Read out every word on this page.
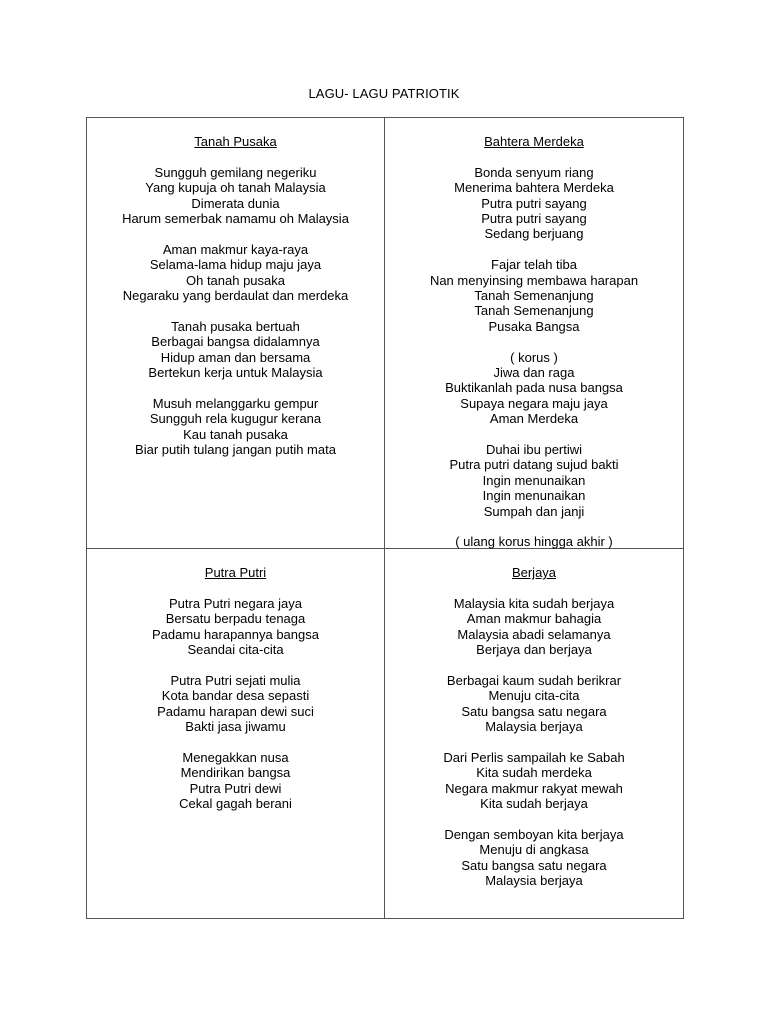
LAGU- LAGU PATRIOTIK
Tanah Pusaka
Sungguh gemilang negeriku
Yang kupuja oh tanah Malaysia
Dimerata dunia
Harum semerbak namamu oh Malaysia
Aman makmur kaya-raya
Selama-lama hidup maju jaya
Oh tanah pusaka
Negaraku yang berdaulat dan merdeka
Tanah pusaka bertuah
Berbagai bangsa didalamnya
Hidup aman dan bersama
Bertekun kerja untuk Malaysia
Musuh melanggarku gempur
Sungguh rela kugugur kerana
Kau tanah pusaka
Biar putih tulang jangan putih mata
Bahtera Merdeka
Bonda senyum riang
Menerima bahtera Merdeka
Putra putri sayang
Putra putri sayang
Sedang berjuang
Fajar telah tiba
Nan menyinsing membawa harapan
Tanah Semenanjung
Tanah Semenanjung
Pusaka Bangsa
( korus )
Jiwa dan raga
Buktikanlah pada nusa bangsa
Supaya negara maju jaya
Aman Merdeka
Duhai ibu pertiwi
Putra putri datang sujud bakti
Ingin menunaikan
Ingin menunaikan
Sumpah dan janji
( ulang korus hingga akhir )
Putra Putri
Putra Putri negara jaya
Bersatu berpadu tenaga
Padamu harapannya bangsa
Seandai cita-cita
Putra Putri sejati mulia
Kota bandar desa sepasti
Padamu harapan dewi suci
Bakti jasa jiwamu
Menegakkan nusa
Mendirikan bangsa
Putra Putri dewi
Cekal gagah berani
Berjaya
Malaysia kita sudah berjaya
Aman makmur bahagia
Malaysia abadi selamanya
Berjaya dan berjaya
Berbagai kaum sudah berikrar
Menuju cita-cita
Satu bangsa satu negara
Malaysia berjaya
Dari Perlis sampailah ke Sabah
Kita sudah merdeka
Negara makmur rakyat mewah
Kita sudah berjaya
Dengan semboyan kita berjaya
Menuju di angkasa
Satu bangsa satu negara
Malaysia berjaya
